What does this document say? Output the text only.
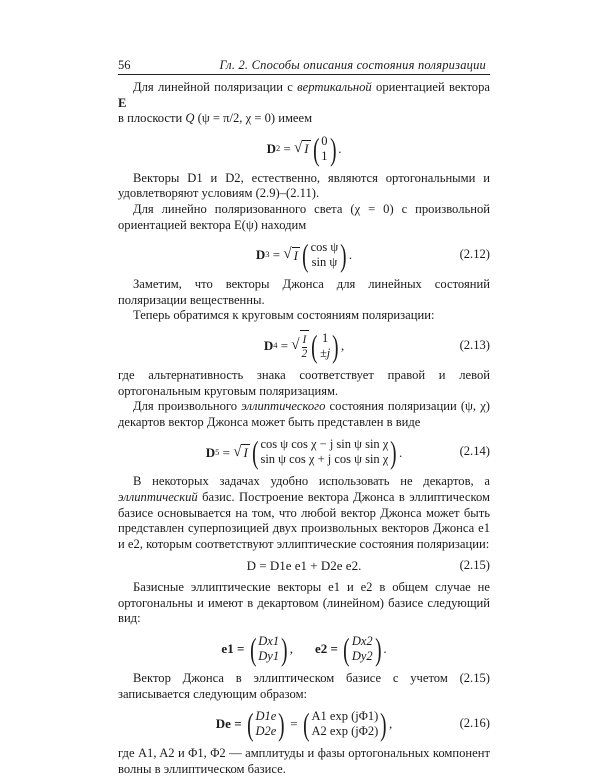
56	Гл. 2. Способы описания состояния поляризации

Для линейной поляризации с вертикальной ориентацией вектора E
в плоскости Q (ψ = π/2, χ = 0) имеем

D 2
=
√ I ( 0
1 ) .

Векторы D1 и D2, естественно, являются ортогональными и удовлетворяют условиям (2.9)–(2.11).

Для линейно поляризованного света (χ = 0) с произвольной ориентацией вектора E(ψ) находим

D 3 = √ I ( cos ψ
sin ψ ) .	(2.12)

Заметим, что векторы Джонса для линейных состояний поляризации вещественны.

Теперь обратимся к круговым состояниям поляризации:

D 4 = √ $\frac{I}{2}$ ( 1
±j ) ,	(2.13)

где альтернативность знака соответствует правой и левой ортогональным круговым поляризациям.

Для произвольного эллиптического состояния поляризации (ψ, χ) декартов вектор Джонса может быть представлен в виде

D 5 = √ I ( cos ψ cos χ − j sin ψ sin χ
sin ψ cos χ + j cos ψ sin χ ) .	(2.14)

В некоторых задачах удобно использовать не декартов, а эллиптический базис. Построение вектора Джонса в эллиптическом базисе основывается на том, что любой вектор Джонса может быть представлен суперпозицией двух произвольных векторов Джонса e1 и e2, которым соответствуют эллиптические состояния поляризации:

D = D1e e1 + D2e e2.	(2.15)

Базисные эллиптические векторы e1 и e2 в общем случае не ортогональны и имеют в декартовом (линейном) базисе следующий вид:

e1 =
( Dx1
Dy1 ) , e2 =
( Dx2
Dy2 ) .

Вектор Джонса в эллиптическом базисе с учетом (2.15) записывается следующим образом:

De =
( D1e
D2e )
=
( A1 exp (jΦ1)
A2 exp (jΦ2) ) ,	(2.16)

где A1, A2 и Φ1, Φ2 — амплитуды и фазы ортогональных компонент волны в эллиптическом базисе.
